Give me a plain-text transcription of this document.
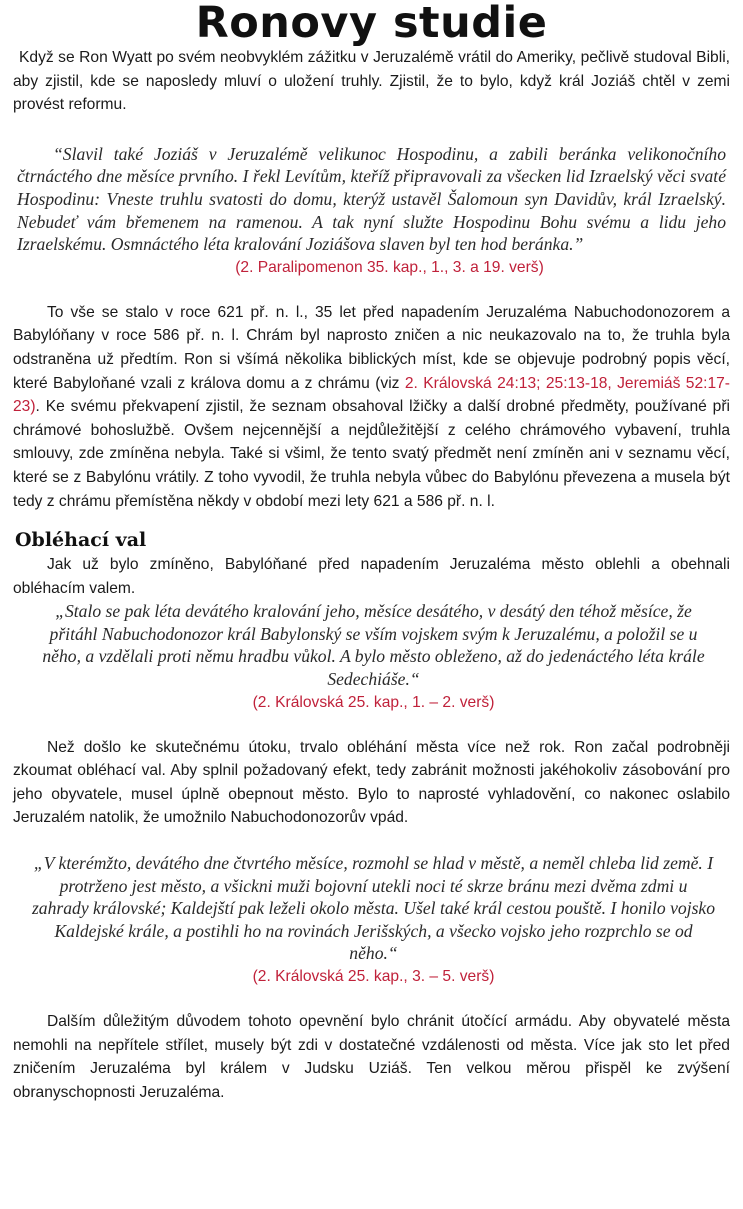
Ronovy studie

Když se Ron Wyatt po svém neobvyklém zážitku v Jeruzalémě vrátil do Ameriky, pečlivě studoval Bibli, aby zjistil, kde se naposledy mluví o uložení truhly. Zjistil, že to bylo, když král Joziáš chtěl v zemi provést reformu.

“Slavil také Joziáš v Jeruzalémě velikunoc Hospodinu, a zabili beránka velikonočního čtrnáctého dne měsíce prvního. I řekl Levítům, kteříž připravovali za všecken lid Izraelský věci svaté Hospodinu: Vneste truhlu svatosti do domu, kterýž ustavěl Šalomoun syn Davidův, král Izraelský. Nebudeť vám břemenem na ramenou. A tak nyní služte Hospodinu Bohu svému a lidu jeho Izraelskému. Osmnáctého léta kralování Joziášova slaven byl ten hod beránka.”
(2. Paralipomenon 35. kap., 1., 3. a 19. verš)

To vše se stalo v roce 621 př. n. l., 35 let před napadením Jeruzaléma Nabuchodonozorem a Babylóňany v roce 586 př. n. l. Chrám byl naprosto zničen a nic neukazovalo na to, že truhla byla odstraněna už předtím. Ron si všímá několika biblických míst, kde se objevuje podrobný popis věcí, které Babyloňané vzali z králova domu a z chrámu (viz 2. Královská 24:13; 25:13-18, Jeremiáš 52:17-23). Ke svému překvapení zjistil, že seznam obsahoval lžičky a další drobné předměty, používané při chrámové bohoslužbě. Ovšem nejcennější a nejdůležitější z celého chrámového vybavení, truhla smlouvy, zde zmíněna nebyla. Také si všiml, že tento svatý předmět není zmíněn ani v seznamu věcí, které se z Babylónu vrátily. Z toho vyvodil, že truhla nebyla vůbec do Babylónu převezena a musela být tedy z chrámu přemístěna někdy v období mezi lety 621 a 586 př. n. l.

Obléhací val

Jak už bylo zmíněno, Babylóňané před napadením Jeruzaléma město oblehli a obehnali obléhacím valem.

„Stalo se pak léta devátého kralování jeho, měsíce desátého, v desátý den téhož měsíce, že přitáhl Nabuchodonozor král Babylonský se vším vojskem svým k Jeruzalému, a položil se u něho, a vzdělali proti němu hradbu vůkol. A bylo město obleženo, až do jedenáctého léta krále Sedechiáše.“
(2. Královská 25. kap., 1. – 2. verš)

Než došlo ke skutečnému útoku, trvalo obléhání města více než rok. Ron začal podrobněji zkoumat obléhací val. Aby splnil požadovaný efekt, tedy zabránit možnosti jakéhokoliv zásobování pro jeho obyvatele, musel úplně obepnout město. Bylo to naprosté vyhladovění, co nakonec oslabilo Jeruzalém natolik, že umožnilo Nabuchodonozorův vpád.

„V kterémžto, devátého dne čtvrtého měsíce, rozmohl se hlad v městě, a neměl chleba lid země. I protrženo jest město, a všickni muži bojovní utekli noci té skrze bránu mezi dvěma zdmi u zahrady královské; Kaldejští pak leželi okolo města. Ušel také král cestou pouště. I honilo vojsko Kaldejské krále, a postihli ho na rovinách Jerišských, a všecko vojsko jeho rozprchlo se od něho.“
(2. Královská 25. kap., 3. – 5. verš)

Dalším důležitým důvodem tohoto opevnění bylo chránit útočící armádu. Aby obyvatelé města nemohli na nepřítele střílet, musely být zdi v dostatečné vzdálenosti od města. Více jak sto let před zničením Jeruzaléma byl králem v Judsku Uziáš. Ten velkou měrou přispěl ke zvýšení obranyschopnosti Jeruzaléma.
